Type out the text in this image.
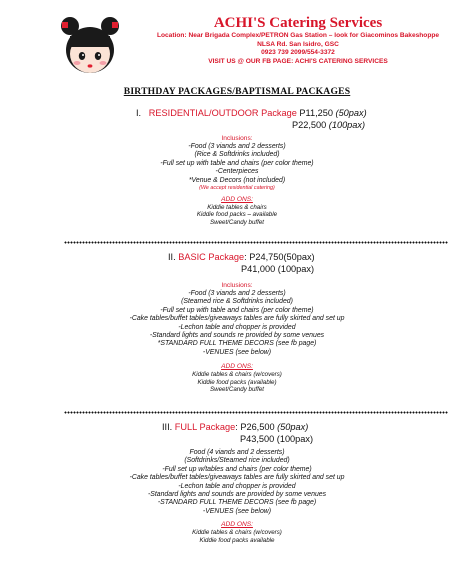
ACHI'S Catering Services
Location: Near Brigada Complex/PETRON Gas Station – look for Giacominos Bakeshoppe
NLSA Rd. San Isidro, GSC
0923 739 2099/554-3372
VISIT US @ OUR FB PAGE: ACHI'S CATERING SERVICES
BIRTHDAY PACKAGES/BAPTISMAL PACKAGES
I. RESIDENTIAL/OUTDOOR Package P11,250 (50pax)
P22,500 (100pax)
Inclusions:
-Food (3 viands and 2 desserts)
(Rice & Softdrinks included)
-Full set up with table and chairs (per color theme)
-Centerpieces
*Venue & Decors (not included)
(We accept residential catering)
ADD ONS:
Kiddie tables & chairs
Kiddie food packs – available
Sweet/Candy buffet
II. BASIC Package: P24,750(50pax)
P41,000 (100pax)
Inclusions:
-Food (3 viands and 2 desserts)
(Steamed rice & Softdrinks included)
-Full set up with table and chairs (per color theme)
-Cake tables/buffet tables/giveaways tables are fully skirted and set up
-Lechon table and chopper is provided
-Standard lights and sounds re provided by some venues
*STANDARD FULL THEME DECORS (see fb page)
-VENUES (see below)
ADD ONS:
Kiddie tables & chairs (w/covers)
Kiddie food packs (available)
Sweet/Candy buffet
III. FULL Package: P26,500 (50pax)
P43,500 (100pax)
Food (4 viands and 2 desserts)
(Softdrinks/Steamed rice included)
-Full set up w/tables and chairs (per color theme)
-Cake tables/buffet tables/giveaways tables are fully skirted and set up
-Lechon table and chopper is provided
-Standard lights and sounds are provided by some venues
-STANDARD FULL THEME DECORS (see fb page)
-VENUES (see below)
ADD ONS:
Kiddie tables & chairs (w/covers)
Kiddie food packs available
